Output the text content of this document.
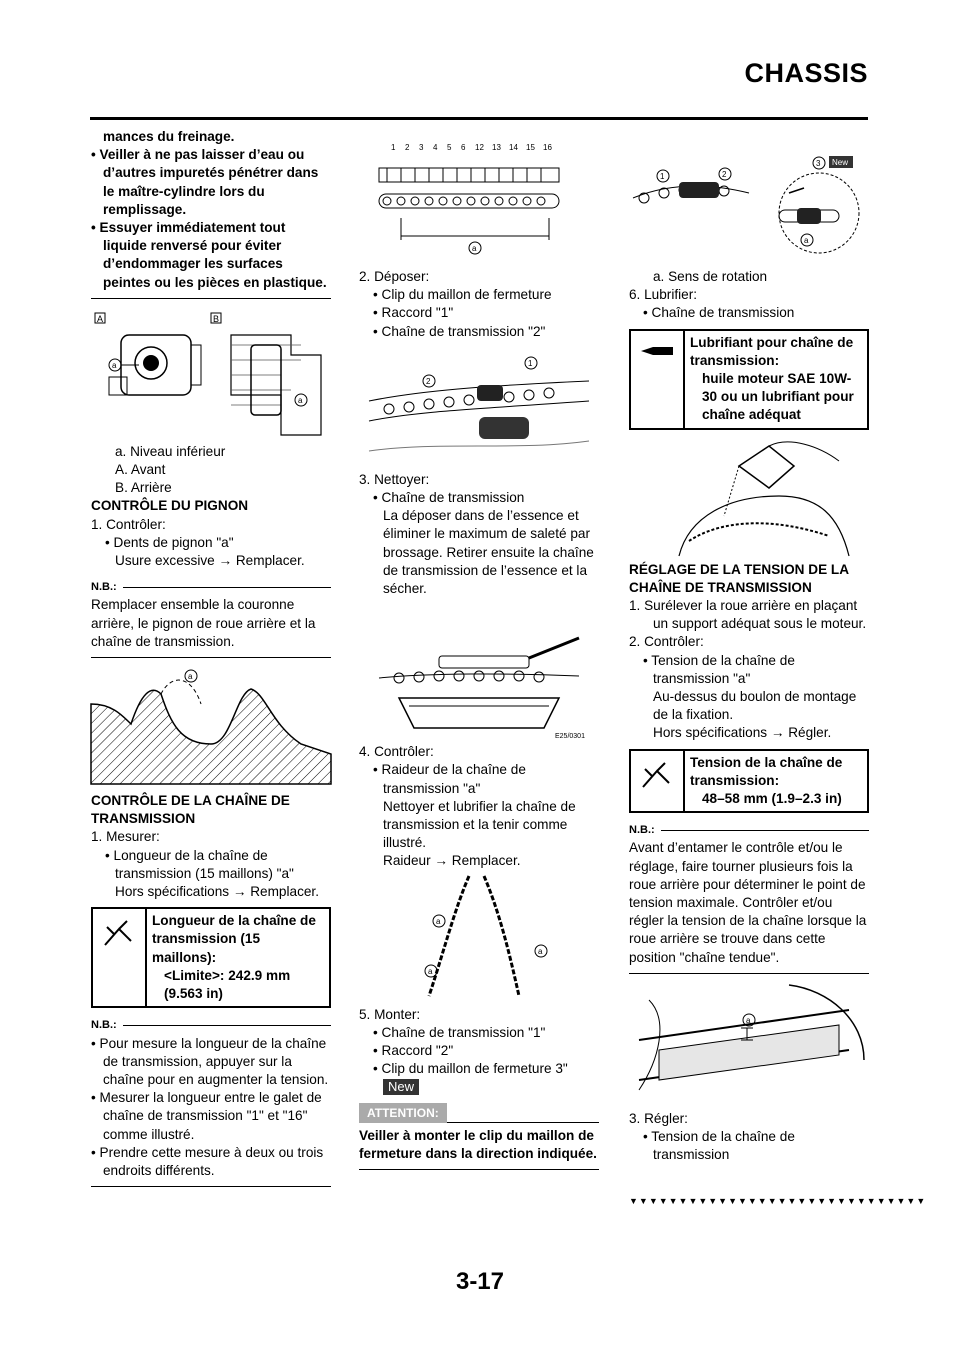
CHASSIS

mances du freinage.

• Veiller à ne pas laisser d’eau ou d’autres impuretés pénétrer dans le maître-cylindre lors du remplissage.

• Essuyer immédiatement tout liquide renversé pour éviter d’endommager les surfaces peintes ou les pièces en plastique.

A	B
a
a

a. Niveau inférieur

A. Avant

B. Arrière

CONTRÔLE DU PIGNON

1. Contrôler:

• Dents de pignon "a"

Usure excessive → Remplacer.

N.B.:

Remplacer ensemble la couronne arrière, le pignon de roue arrière et la chaîne de transmission.

a

CONTRÔLE DE LA CHAÎNE DE TRANSMISSION

1. Mesurer:

• Longueur de la chaîne de transmission (15 maillons) "a"

Hors spécifications → Remplacer.

Longueur de la chaîne de transmission (15 maillons):

<Limite>: 242.9 mm (9.563 in)

N.B.:

• Pour mesure la longueur de la chaîne de transmission, appuyer sur la chaîne pour en augmenter la tension.

• Mesurer la longueur entre le galet de chaîne de transmission "1" et "16" comme illustré.

• Prendre cette mesure à deux ou trois endroits différents.

1 2 3 4 5 6 12 13 14 15 16
a

2. Déposer:

• Clip du maillon de fermeture

• Raccord "1"

• Chaîne de transmission "2"

1
2

3. Nettoyer:

• Chaîne de transmission

La déposer dans de l’essence et éliminer le maximum de saleté par brossage. Retirer ensuite la chaîne de transmission de l’essence et la sécher.

E25/0301

4. Contrôler:

• Raideur de la chaîne de transmission "a"

Nettoyer et lubrifier la chaîne de transmission et la tenir comme illustré.

Raideur → Remplacer.

a
a
a

5. Monter:

• Chaîne de transmission "1"

• Raccord "2"

• Clip du maillon de fermeture 3"

New

ATTENTION:

Veiller à monter le clip du maillon de fermeture dans la direction indiquée.

1	2
3 New
a

a. Sens de rotation

6. Lubrifier:

• Chaîne de transmission

Lubrifiant pour chaîne de transmission:

huile moteur SAE 10W-30 ou un lubrifiant pour chaîne adéquat

RÉGLAGE DE LA TENSION DE LA CHAÎNE DE TRANSMISSION

1. Surélever la roue arrière en plaçant un support adéquat sous le moteur.

2. Contrôler:

• Tension de la chaîne de transmission "a"

Au-dessus du boulon de montage de la fixation.

Hors spécifications → Régler.

Tension de la chaîne de transmission:

48–58 mm (1.9–2.3 in)

N.B.:

Avant d’entamer le contrôle et/ou le réglage, faire tourner plusieurs fois la roue arrière pour déterminer le point de tension maximale. Contrôler et/ou régler la tension de la chaîne lorsque la roue arrière se trouve dans cette position "chaîne tendue".

a

3. Régler:

• Tension de la chaîne de transmission

▼▼▼▼▼▼▼▼▼▼▼▼▼▼▼▼▼▼▼▼▼▼▼▼▼▼▼▼▼▼
3-17
